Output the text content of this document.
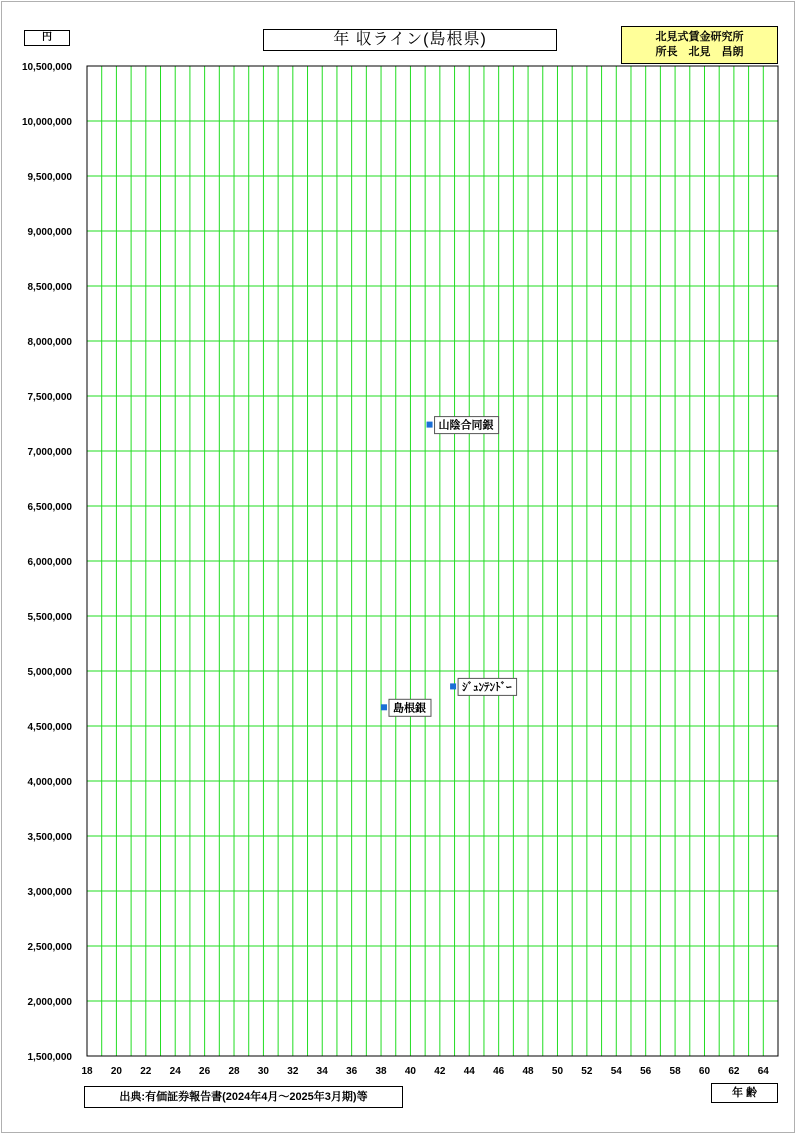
円	年 収ライン(島根県)	北見式賃金研究所
所長　北見　昌朗
1,500,000
2,000,000
2,500,000
3,000,000
3,500,000
4,000,000
4,500,000
5,000,000
5,500,000
6,000,000
6,500,000
7,000,000
7,500,000
8,000,000
8,500,000
9,000,000
9,500,000
10,000,000
10,500,000
18 20 22 24 26 28 30 32 34 36 38 40 42 44 46 48 50 52 54 56 58 60 62 64
山陰合同銀
ｼﾞｭﾝﾃﾝﾄﾞｰ
島根銀
出典:有価証券報告書(2024年4月～2025年3月期)等	年 齢
